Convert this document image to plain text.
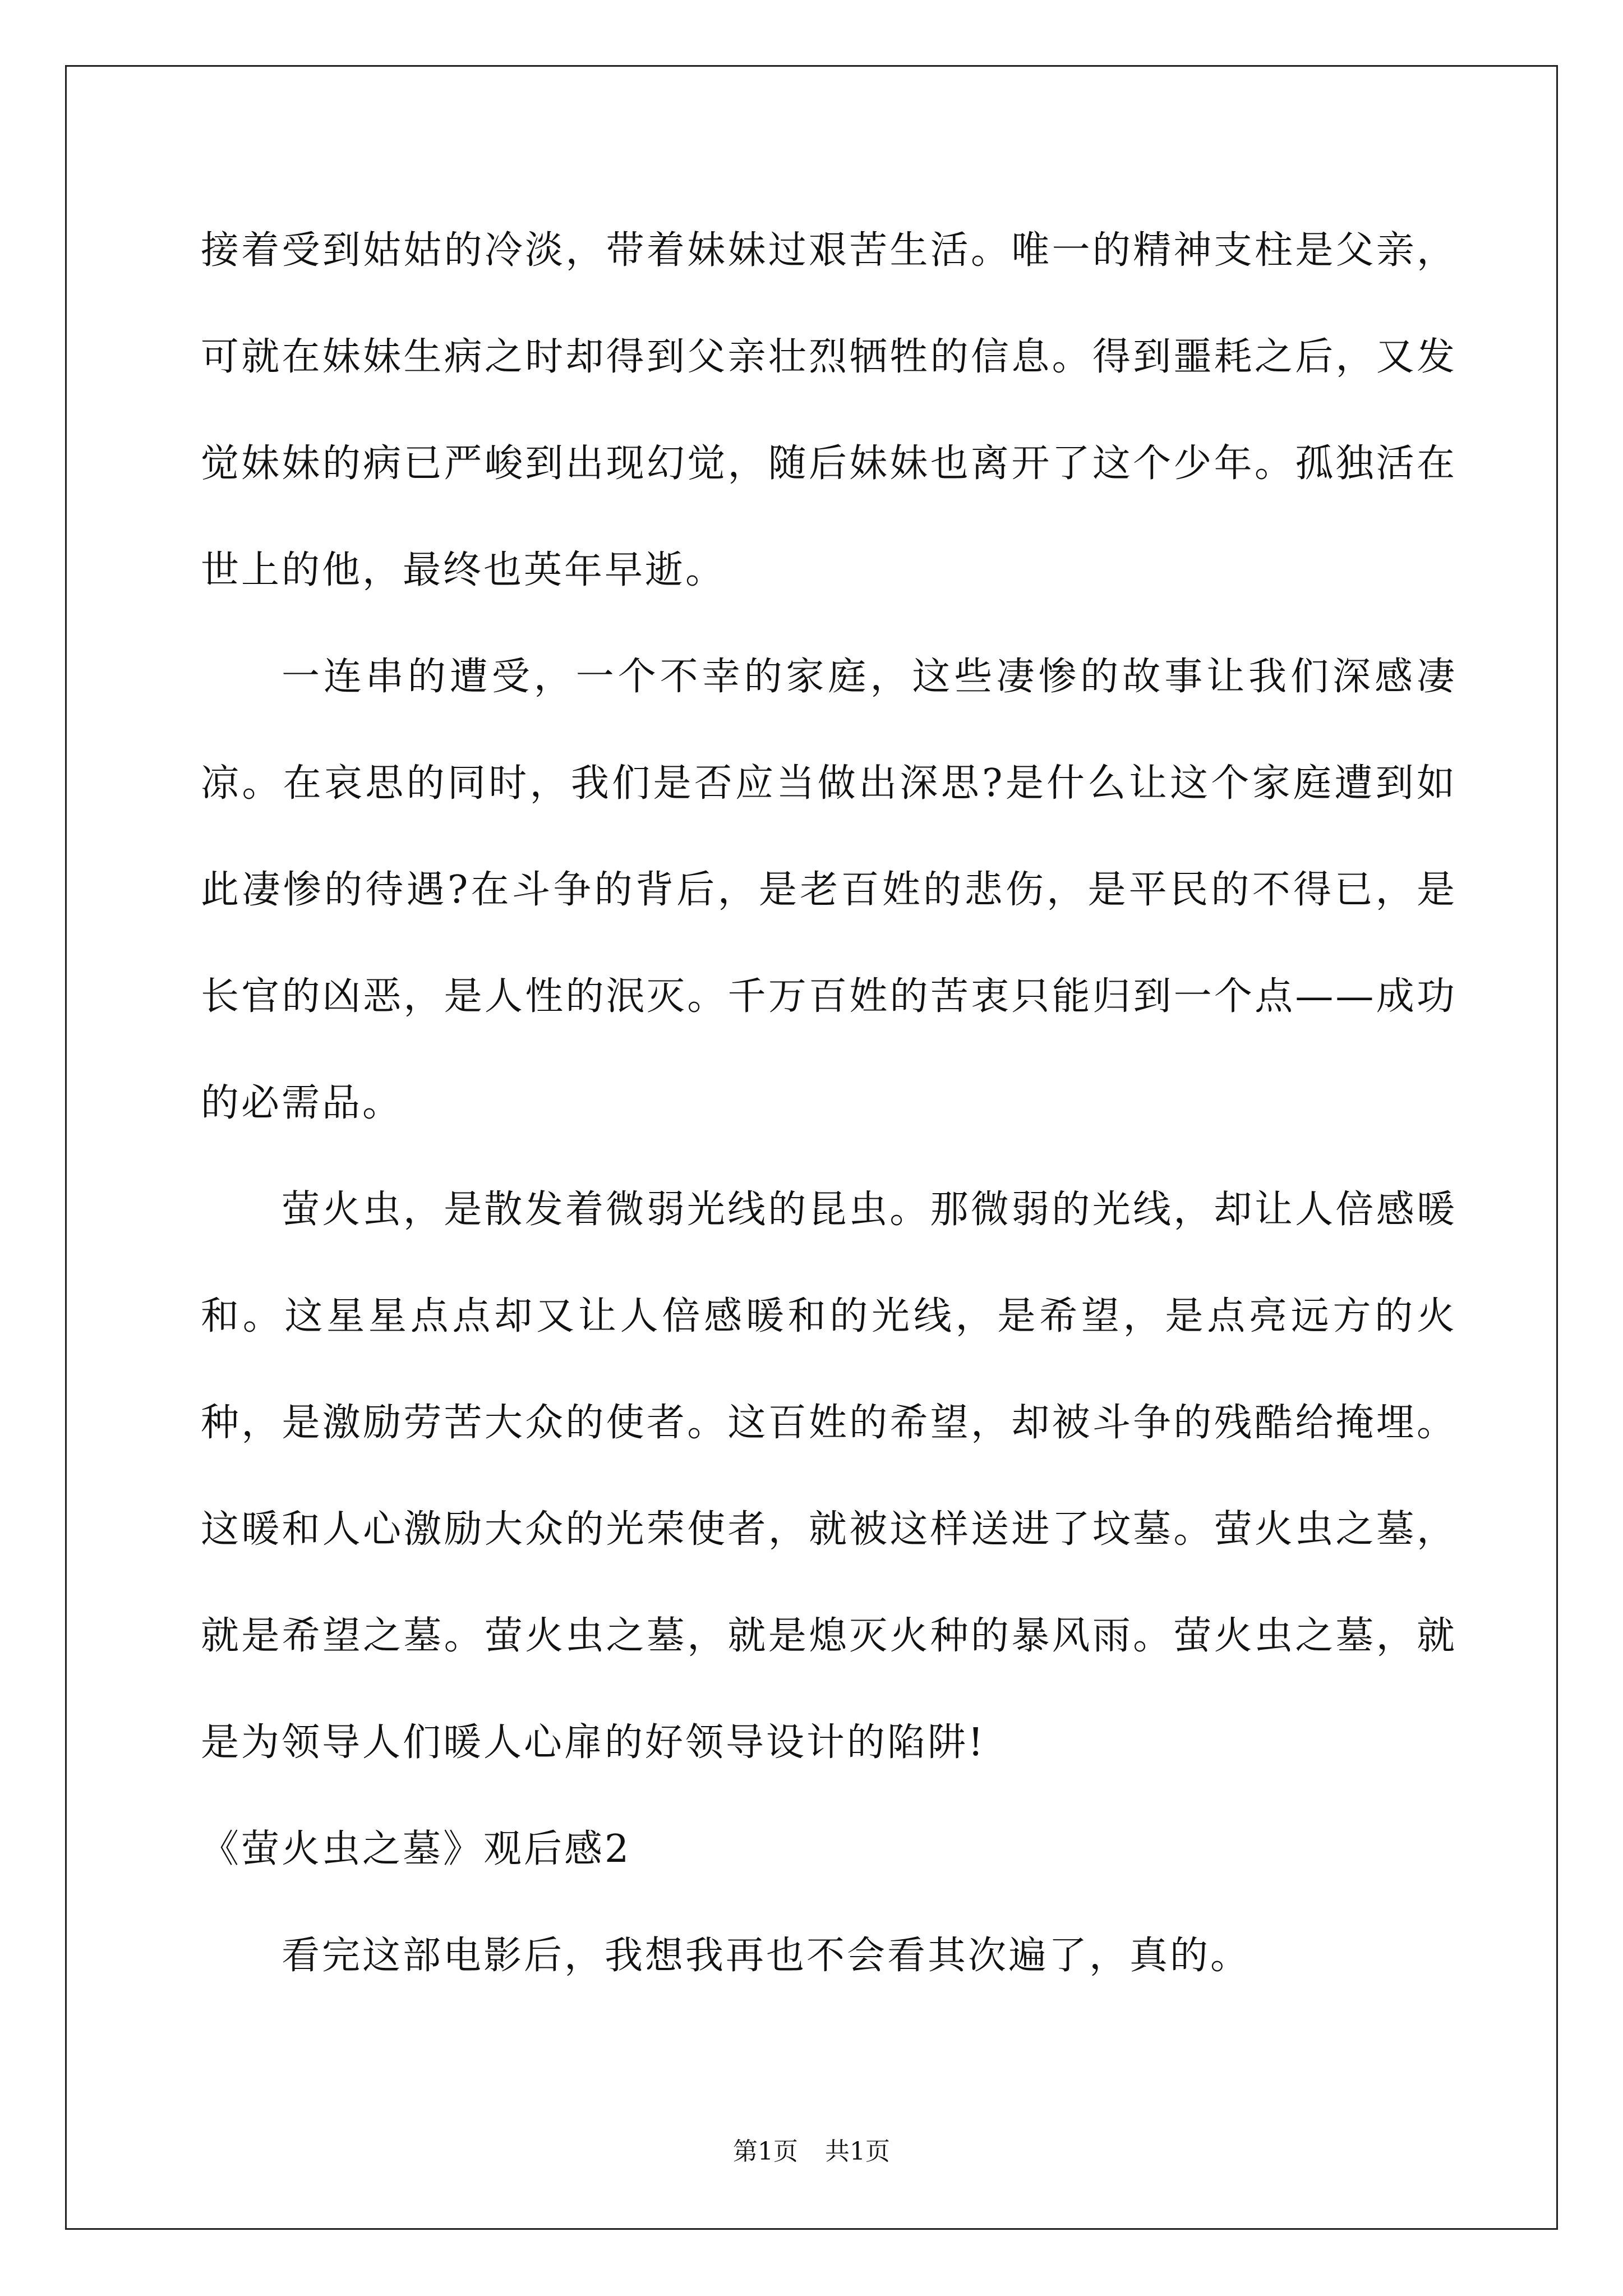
接着受到姑姑的冷淡，带着妹妹过艰苦生活。唯一的精神支柱是父亲，可就在妹妹生病之时却得到父亲壮烈牺牲的信息。得到噩耗之后，又发觉妹妹的病已严峻到出现幻觉，随后妹妹也离开了这个少年。孤独活在世上的他，最终也英年早逝。

一连串的遭受，一个不幸的家庭，这些凄惨的故事让我们深感凄凉。在哀思的同时，我们是否应当做出深思?是什么让这个家庭遭到如此凄惨的待遇?在斗争的背后，是老百姓的悲伤，是平民的不得已，是长官的凶恶，是人性的泯灭。千万百姓的苦衷只能归到一个点——成功的必需品。

萤火虫，是散发着微弱光线的昆虫。那微弱的光线，却让人倍感暖和。这星星点点却又让人倍感暖和的光线，是希望，是点亮远方的火种，是激励劳苦大众的使者。这百姓的希望，却被斗争的残酷给掩埋。这暖和人心激励大众的光荣使者，就被这样送进了坟墓。萤火虫之墓，就是希望之墓。萤火虫之墓，就是熄灭火种的暴风雨。萤火虫之墓，就是为领导人们暖人心扉的好领导设计的陷阱!

《萤火虫之墓》观后感2

看完这部电影后，我想我再也不会看其次遍了，真的。

第1页 共1页
